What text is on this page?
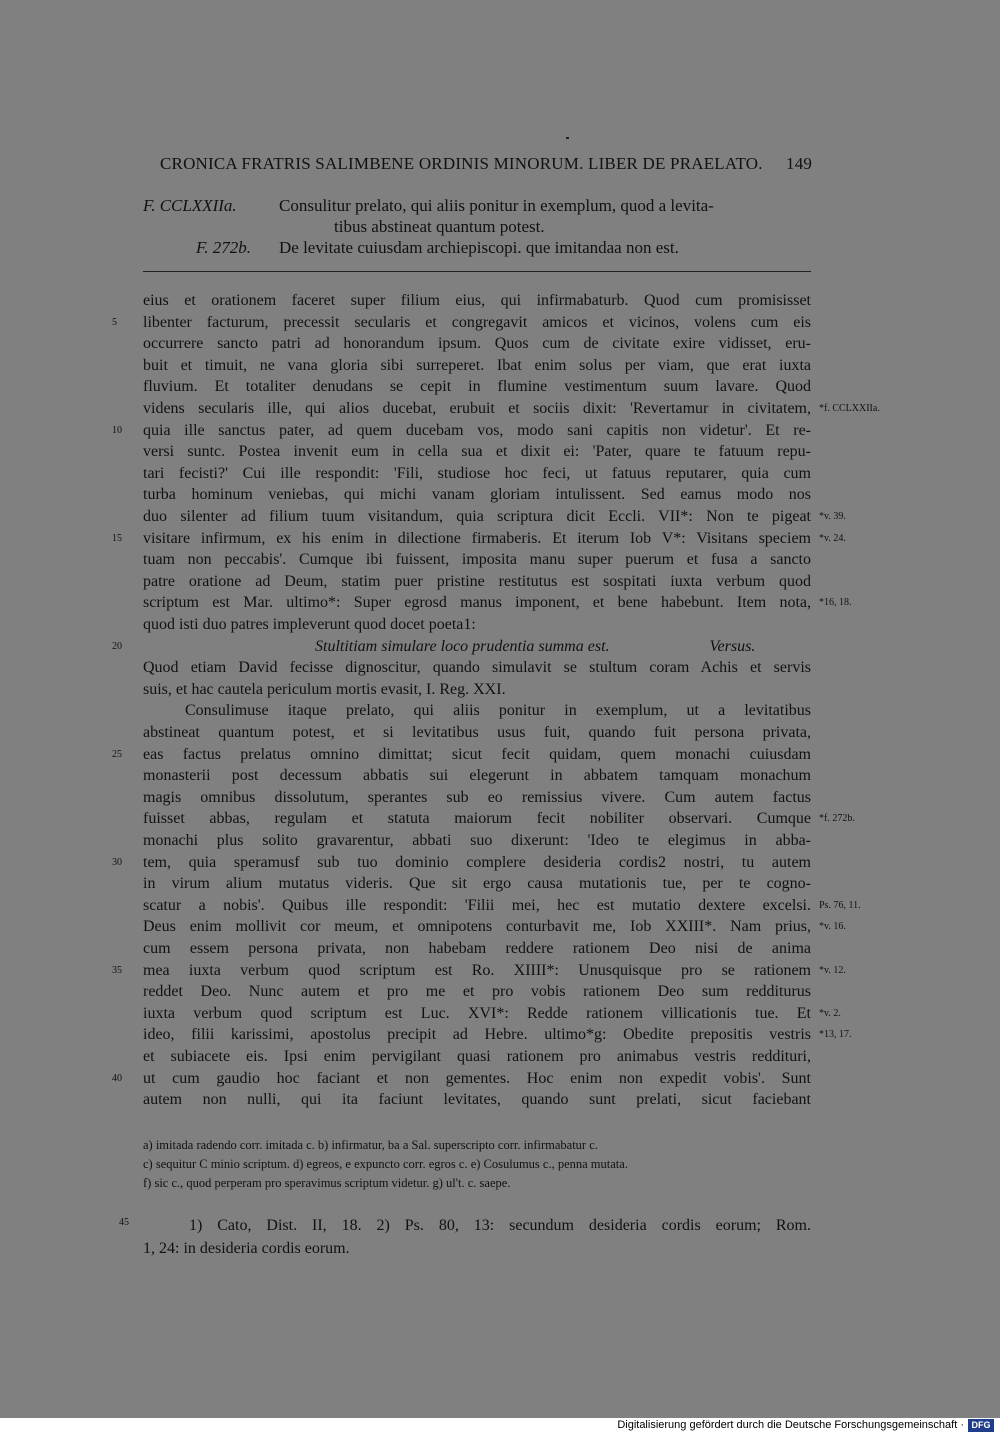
CRONICA FRATRIS SALIMBENE ORDINIS MINORUM. LIBER DE PRAELATO. 149
F. CCLXXIIa. Consulitur prelato, qui aliis ponitur in exemplum, quod a levita-
tibus abstineat quantum potest.
F. 272b. De levitate cuiusdam archiepiscopi. que imitandaa non est.
eius et orationem faceret super filium eius, qui infirmabaturb. Quod cum promisisset
libenter facturum, precessit secularis et congregavit amicos et vicinos, volens cum eis
5
occurrere sancto patri ad honorandum ipsum. Quos cum de civitate exire vidisset, eru-
buit et timuit, ne vana gloria sibi surreperet. Ibat enim solus per viam, que erat iuxta
fluvium. Et totaliter denudans se cepit in flumine vestimentum suum lavare. Quod
videns secularis ille, qui alios ducebat, erubuit et sociis dixit: 'Revertamur in civitatem, *f. CCLXXIIa.
quia ille sanctus pater, ad quem ducebam vos, modo sani capitis non videtur'. Et re-
10
versi suntc. Postea invenit eum in cella sua et dixit ei: 'Pater, quare te fatuum repu-
tari fecisti?' Cui ille respondit: 'Fili, studiose hoc feci, ut fatuus reputarer, quia cum
turba hominum veniebas, qui michi vanam gloriam intulissent. Sed eamus modo nos
duo silenter ad filium tuum visitandum, quia scriptura dicit Eccli. VII*: Non te pigeat *v. 39.
visitare infirmum, ex his enim in dilectione firmaberis. Et iterum Iob V*: Visitans speciem
15	*v. 24.
tuam non peccabis'. Cumque ibi fuissent, imposita manu super puerum et fusa a sancto
patre oratione ad Deum, statim puer pristine restitutus est sospitati iuxta verbum quod
scriptum est Mar. ultimo*: Super egrosd manus imponent, et bene habebunt. Item nota, *16, 18.
quod isti duo patres impleverunt quod docet poeta1:
Stultitiam simulare loco prudentia summa est.                         Versus.
20
Quod etiam David fecisse dignoscitur, quando simulavit se stultum coram Achis et servis
suis, et hac cautela periculum mortis evasit, I. Reg. XXI.
Consulimuse itaque prelato, qui aliis ponitur in exemplum, ut a levitatibus
abstineat quantum potest, et si levitatibus usus fuit, quando fuit persona privata,
eas factus prelatus omnino dimittat; sicut fecit quidam, quem monachi cuiusdam
25
monasterii post decessum abbatis sui elegerunt in abbatem tamquam monachum
magis omnibus dissolutum, sperantes sub eo remissius vivere. Cum autem factus
fuisset abbas, regulam et statuta maiorum fecit nobiliter observari. Cumque *f. 272b.
monachi plus solito gravarentur, abbati suo dixerunt: 'Ideo te elegimus in abba-
tem, quia speramusf sub tuo dominio complere desideria cordis2 nostri, tu autem
30
in virum alium mutatus videris. Que sit ergo causa mutationis tue, per te cogno-
scatur a nobis'. Quibus ille respondit: 'Filii mei, hec est mutatio dextere excelsi. Ps. 76, 11.
Deus enim mollivit cor meum, et omnipotens conturbavit me, Iob XXIII*. Nam prius, *v. 16.
cum essem persona privata, non habebam reddere rationem Deo nisi de anima
mea iuxta verbum quod scriptum est Ro. XIIII*: Unusquisque pro se rationem
35	*v. 12.
reddet Deo. Nunc autem et pro me et pro vobis rationem Deo sum redditurus
iuxta verbum quod scriptum est Luc. XVI*: Redde rationem villicationis tue. Et *v. 2.
ideo, filii karissimi, apostolus precipit ad Hebre. ultimo*g: Obedite prepositis vestris *13, 17.
et subiacete eis. Ipsi enim pervigilant quasi rationem pro animabus vestris reddituri,
ut cum gaudio hoc faciant et non gementes. Hoc enim non expedit vobis'. Sunt
40
autem non nulli, qui ita faciunt levitates, quando sunt prelati, sicut faciebant
a) imitada radendo corr. imitada c. b) infirmatur, ba a Sal. superscripto corr. infirmabatur c.
c) sequitur C minio scriptum. d) egreos, e expuncto corr. egros c. e) Cosulumus c., penna mutata.
f) sic c., quod perperam pro speravimus scriptum videtur. g) ul't. c. saepe.
45	1) Cato, Dist. II, 18. 2) Ps. 80, 13: secundum desideria cordis eorum; Rom.
1, 24: in desideria cordis eorum.
Digitalisierung gefördert durch die Deutsche Forschungsgemeinschaft · DFG
